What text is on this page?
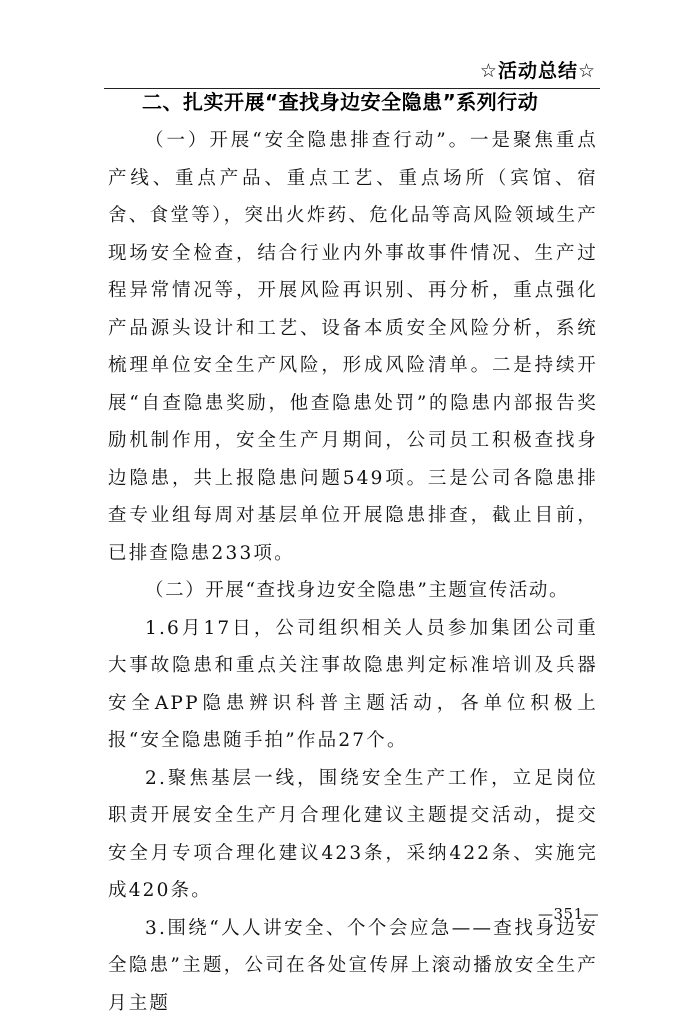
☆活动总结☆
二、扎实开展“查找身边安全隐患”系列行动

（一）开展“安全隐患排查行动”。一是聚焦重点产线、重点产品、重点工艺、重点场所（宾馆、宿舍、食堂等），突出火炸药、危化品等高风险领域生产现场安全检查，结合行业内外事故事件情况、生产过程异常情况等，开展风险再识别、再分析，重点强化产品源头设计和工艺、设备本质安全风险分析，系统梳理单位安全生产风险，形成风险清单。二是持续开展“自查隐患奖励，他查隐患处罚”的隐患内部报告奖励机制作用，安全生产月期间，公司员工积极查找身边隐患，共上报隐患问题549项。三是公司各隐患排查专业组每周对基层单位开展隐患排查，截止目前，已排查隐患233项。

（二）开展“查找身边安全隐患”主题宣传活动。

1.6月17日，公司组织相关人员参加集团公司重大事故隐患和重点关注事故隐患判定标准培训及兵器安全APP隐患辨识科普主题活动，各单位积极上报“安全隐患随手拍”作品27个。

2.聚焦基层一线，围绕安全生产工作，立足岗位职责开展安全生产月合理化建议主题提交活动，提交安全月专项合理化建议423条，采纳422条、实施完成420条。

3.围绕“人人讲安全、个个会应急——查找身边安全隐患”主题，公司在各处宣传屏上滚动播放安全生产月主题

—351—
